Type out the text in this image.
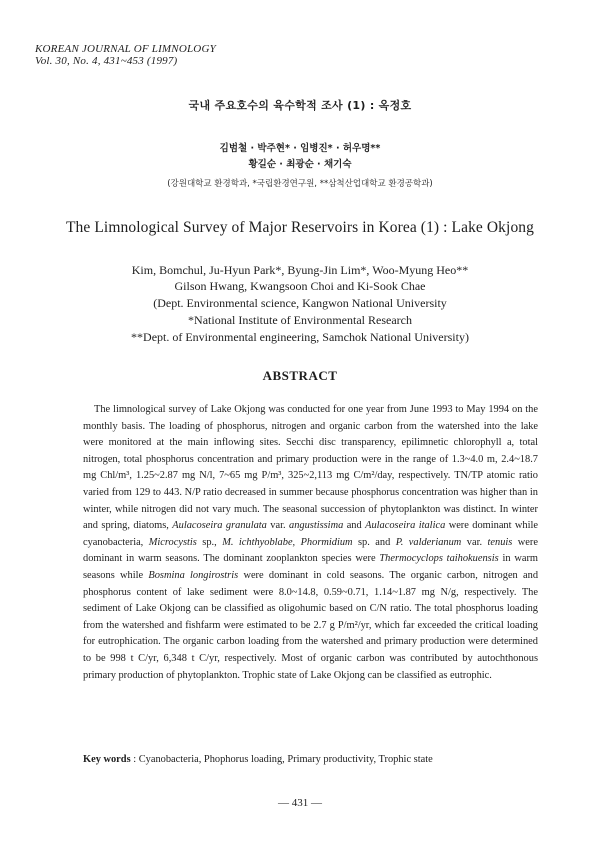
KOREAN JOURNAL OF LIMNOLOGY
Vol. 30, No. 4, 431~453 (1997)
국내 주요호수의 육수학적 조사 (1) : 옥정호
김범철 · 박주현* · 임병진* · 허우명**
황길순 · 최광순 · 채기숙
(강원대학교 환경학과, *국립환경연구원, **삼척산업대학교 환경공학과)
The Limnological Survey of Major Reservoirs in Korea (1) : Lake Okjong
Kim, Bomchul, Ju-Hyun Park*, Byung-Jin Lim*, Woo-Myung Heo**
Gilson Hwang, Kwangsoon Choi and Ki-Sook Chae
(Dept. Environmental science, Kangwon National University
*National Institute of Environmental Research
**Dept. of Environmental engineering, Samchok National University)
ABSTRACT

The limnological survey of Lake Okjong was conducted for one year from June 1993 to May 1994 on the monthly basis. The loading of phosphorus, nitrogen and organic carbon from the watershed into the lake were monitored at the main inflowing sites. Secchi disc transparency, epilimnetic chlorophyll a, total nitrogen, total phosphorus concentration and primary production were in the range of 1.3~4.0 m, 2.4~18.7 mg Chl/m³, 1.25~2.87 mg N/l, 7~65 mg P/m³, 325~2,113 mg C/m²/day, respectively. TN/TP atomic ratio varied from 129 to 443. N/P ratio decreased in summer because phosphorus concentration was higher than in winter, while nitrogen did not vary much. The seasonal succession of phytoplankton was distinct. In winter and spring, diatoms, Aulacoseira granulata var. angustissima and Aulacoseira italica were dominant while cyanobacteria, Microcystis sp., M. ichthyoblabe, Phormidium sp. and P. valderianum var. tenuis were dominant in warm seasons. The dominant zooplankton species were Thermocyclops taihokuensis in warm seasons while Bosmina longirostris were dominant in cold seasons. The organic carbon, nitrogen and phosphorus content of lake sediment were 8.0~14.8, 0.59~0.71, 1.14~1.87 mg N/g, respectively. The sediment of Lake Okjong can be classified as oligohumic based on C/N ratio. The total phosphorus loading from the watershed and fishfarm were estimated to be 2.7 g P/m²/yr, which far exceeded the critical loading for eutrophication. The organic carbon loading from the watershed and primary production were determined to be 998 t C/yr, 6,348 t C/yr, respectively. Most of organic carbon was contributed by autochthonous primary production of phytoplankton. Trophic state of Lake Okjong can be classified as eutrophic.

Key words : Cyanobacteria, Phophorus loading, Primary productivity, Trophic state
— 431 —
